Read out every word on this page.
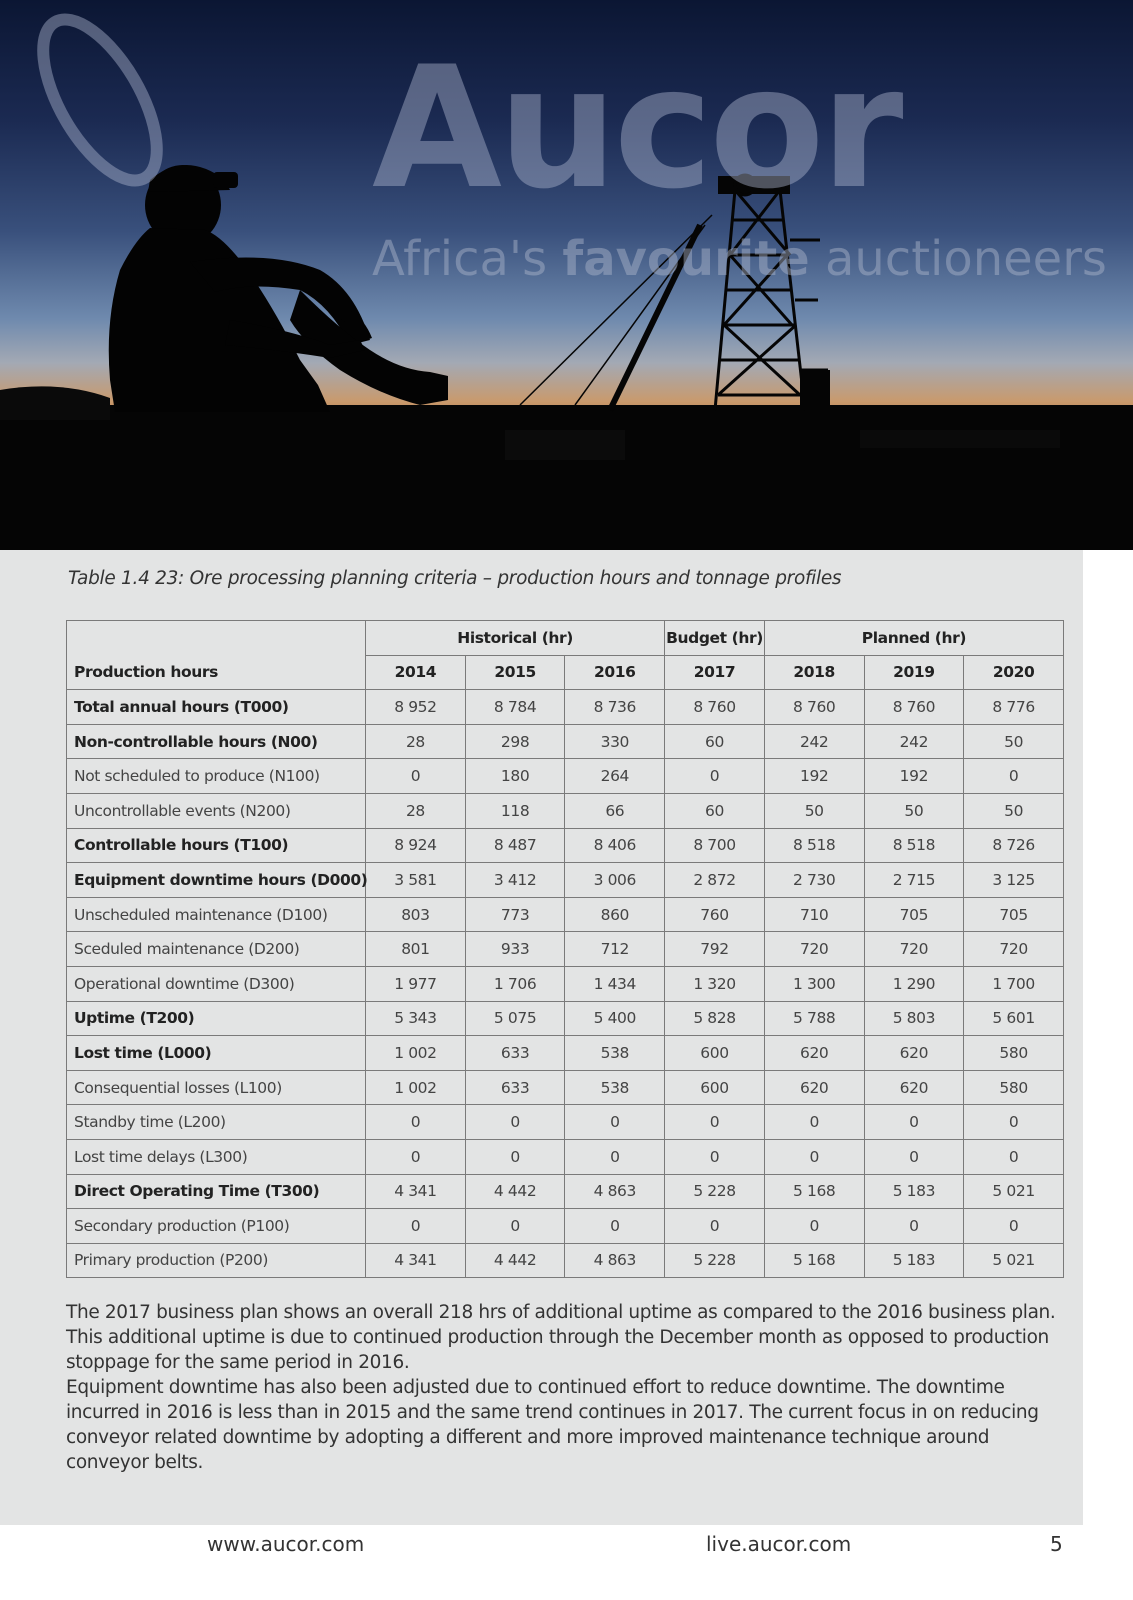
Aucor
Africa's favourite auctioneers
Table 1.4 23: Ore processing planning criteria – production hours and tonnage profiles
Production hours	Historical (hr)			Budget (hr)	Planned (hr)		
	2014	2015	2016	2017	2018	2019	2020
Total annual hours (T000)	8 952	8 784	8 736	8 760	8 760	8 760	8 776
Non-controllable hours (N00)	28	298	330	60	242	242	50
Not scheduled to produce (N100)	0	180	264	0	192	192	0
Uncontrollable events (N200)	28	118	66	60	50	50	50
Controllable hours (T100)	8 924	8 487	8 406	8 700	8 518	8 518	8 726
Equipment downtime hours (D000)	3 581	3 412	3 006	2 872	2 730	2 715	3 125
Unscheduled maintenance (D100)	803	773	860	760	710	705	705
Sceduled maintenance (D200)	801	933	712	792	720	720	720
Operational downtime (D300)	1 977	1 706	1 434	1 320	1 300	1 290	1 700
Uptime (T200)	5 343	5 075	5 400	5 828	5 788	5 803	5 601
Lost time (L000)	1 002	633	538	600	620	620	580
Consequential losses (L100)	1 002	633	538	600	620	620	580
Standby time (L200)	0	0	0	0	0	0	0
Lost time delays (L300)	0	0	0	0	0	0	0
Direct Operating Time (T300)	4 341	4 442	4 863	5 228	5 168	5 183	5 021
Secondary production (P100)	0	0	0	0	0	0	0
Primary production (P200)	4 341	4 442	4 863	5 228	5 168	5 183	5 021

The 2017 business plan shows an overall 218 hrs of additional uptime as compared to the 2016 business plan. This additional uptime is due to continued production through the December month as opposed to production stoppage for the same period in 2016.

Equipment downtime has also been adjusted due to continued effort to reduce downtime. The downtime incurred in 2016 is less than in 2015 and the same trend continues in 2017. The current focus in on reducing conveyor related downtime by adopting a different and more improved maintenance technique around conveyor belts.

www.aucor.com	live.aucor.com	5
